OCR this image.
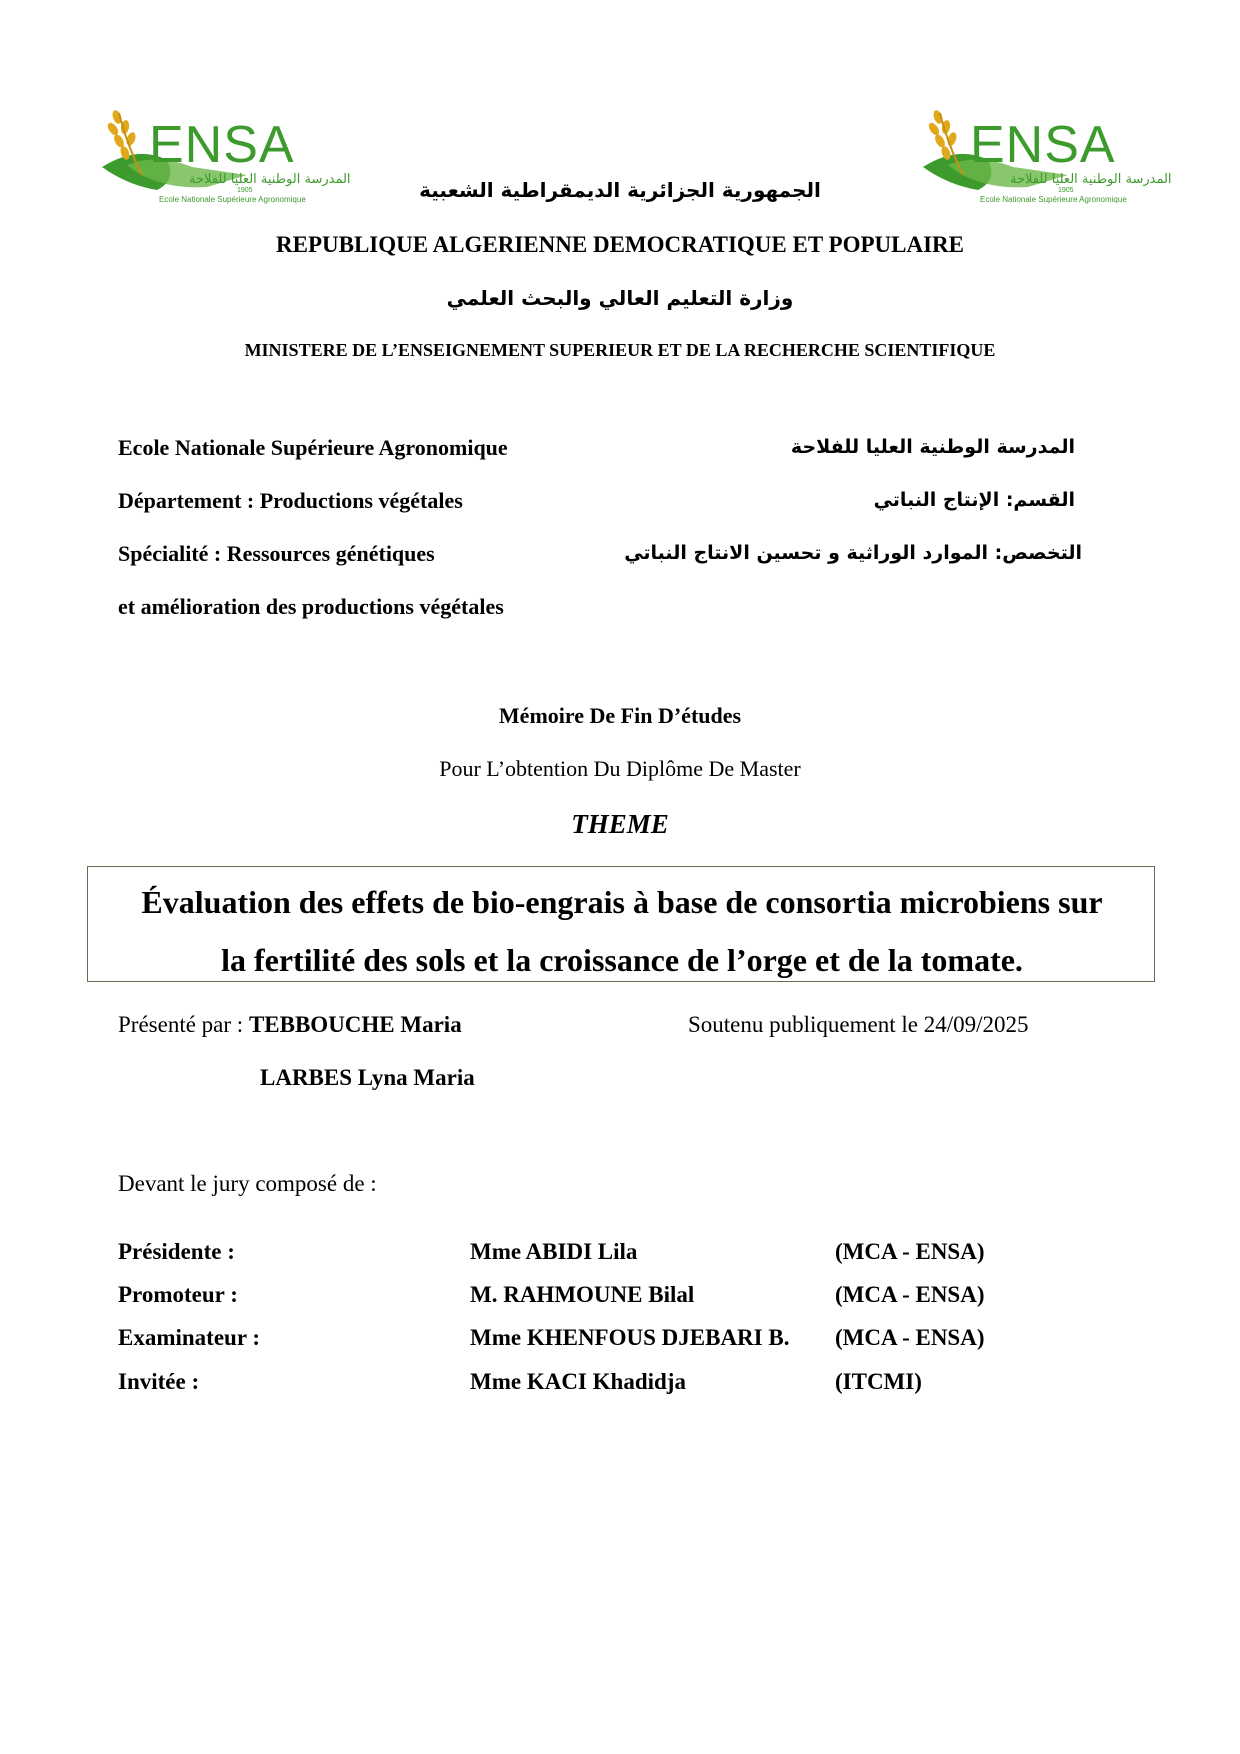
ENSA
المدرسة الوطنية العليا للفلاحة
1905
Ecole Nationale Supérieure Agronomique
ENSA
المدرسة الوطنية العليا للفلاحة
1905
Ecole Nationale Supérieure Agronomique
الجمهورية الجزائرية الديمقراطية الشعبية
REPUBLIQUE ALGERIENNE DEMOCRATIQUE ET POPULAIRE
وزارة التعليم العالي والبحث العلمي
MINISTERE DE L’ENSEIGNEMENT SUPERIEUR ET DE LA RECHERCHE SCIENTIFIQUE
Ecole Nationale Supérieure Agronomique
Département : Productions végétales
Spécialité : Ressources génétiques
et amélioration des productions végétales
المدرسة الوطنية العليا للفلاحة
القسم: الإنتاج النباتي
التخصص: الموارد الوراثية و تحسين الانتاج النباتي
Mémoire De Fin D’études
Pour L’obtention Du Diplôme De Master
THEME
Évaluation des effets de bio-engrais à base de consortia microbiens sur
la fertilité des sols et la croissance de l’orge et de la tomate.
Présenté par : TEBBOUCHE Maria
LARBES Lyna Maria
Soutenu publiquement le 24/09/2025
Devant le jury composé de :
Présidente :	Mme ABIDI Lila	(MCA - ENSA)
Promoteur :	M. RAHMOUNE Bilal	(MCA - ENSA)
Examinateur :	Mme KHENFOUS DJEBARI B. (MCA - ENSA)
Invitée :	Mme KACI Khadidja	(ITCMI)
